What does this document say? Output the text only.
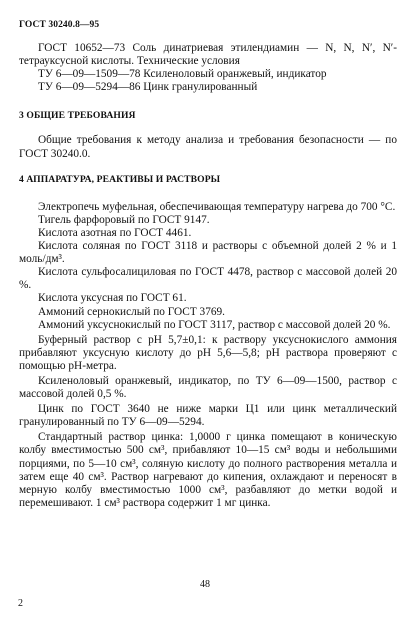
ГОСТ 30240.8—95

ГОСТ 10652—73 Соль динатриевая этилендиамин — N, N, N′, N′-тетрауксусной кислоты. Технические условия

ТУ 6—09—1509—78 Ксиленоловый оранжевый, индикатор

ТУ 6—09—5294—86 Цинк гранулированный

3 ОБЩИЕ ТРЕБОВАНИЯ

Общие требования к методу анализа и требования безопасности — по ГОСТ 30240.0.

4 АППАРАТУРА, РЕАКТИВЫ И РАСТВОРЫ

Электропечь муфельная, обеспечивающая температуру нагрева до 700 °С.

Тигель фарфоровый по ГОСТ 9147.

Кислота азотная по ГОСТ 4461.

Кислота соляная по ГОСТ 3118 и растворы с объемной долей 2 % и 1 моль/дм³.

Кислота сульфосалициловая по ГОСТ 4478, раствор с массовой долей 20 %.

Кислота уксусная по ГОСТ 61.

Аммоний сернокислый по ГОСТ 3769.

Аммоний уксуснокислый по ГОСТ 3117, раствор с массовой долей 20 %.

Буферный раствор с pH 5,7±0,1: к раствору уксуснокислого аммония прибавляют уксусную кислоту до pH 5,6—5,8; pH раствора проверяют с помощью pH-метра.

Ксиленоловый оранжевый, индикатор, по ТУ 6—09—1500, раствор с массовой долей 0,5 %.

Цинк по ГОСТ 3640 не ниже марки Ц1 или цинк металлический гранулированный по ТУ 6—09—5294.

Стандартный раствор цинка: 1,0000 г цинка помещают в коническую колбу вместимостью 500 см³, прибавляют 10—15 см³ воды и небольшими порциями, по 5—10 см³, соляную кислоту до полного растворения металла и затем еще 40 см³. Раствор нагревают до кипения, охлаждают и переносят в мерную колбу вместимостью 1000 см³, разбавляют до метки водой и перемешивают. 1 см³ раствора содержит 1 мг цинка.

48
2
